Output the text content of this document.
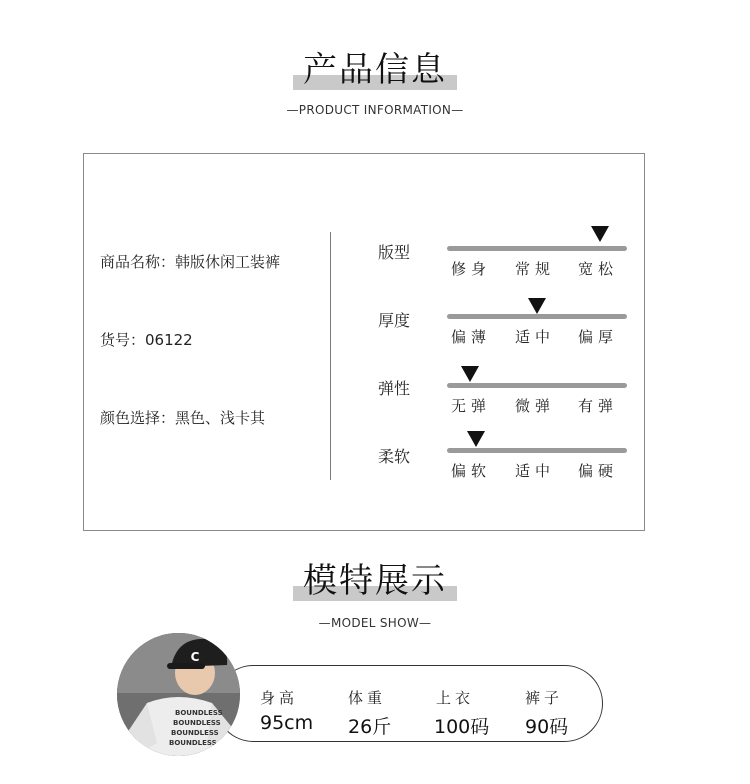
产品信息
—PRODUCT INFORMATION—
商品名称：韩版休闲工装裤
货号：06122
颜色选择：黑色、浅卡其
版型
修身 常规 宽松
厚度
偏薄 适中 偏厚
弹性
无弹 微弹 有弹
柔软
偏软 适中 偏硬
模特展示
—MODEL SHOW—
C
BOUNDLESS
BOUNDLESS
BOUNDLESS
BOUNDLESS
身高	体重	上衣	裤子
95cm 26斤 100码 90码
